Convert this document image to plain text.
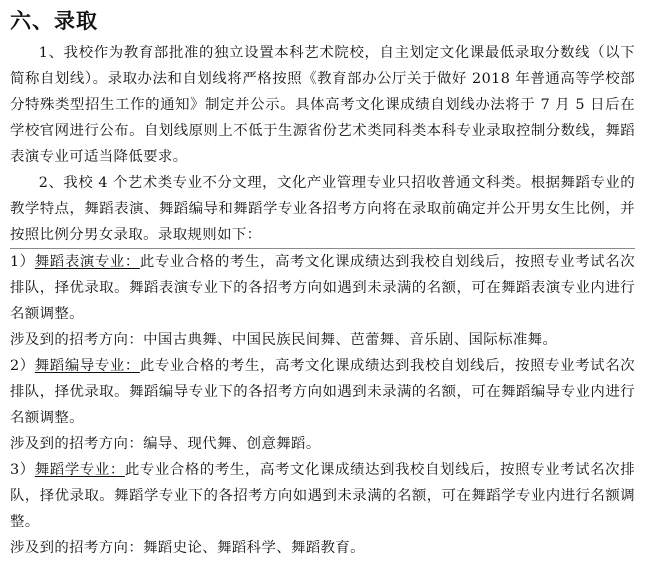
六、录取

1、我校作为教育部批准的独立设置本科艺术院校，自主划定文化课最低录取分数线（以下简称自划线）。录取办法和自划线将严格按照《教育部办公厅关于做好 2018 年普通高等学校部分特殊类型招生工作的通知》制定并公示。具体高考文化课成绩自划线办法将于 7 月 5 日后在学校官网进行公布。自划线原则上不低于生源省份艺术类同科类本科专业录取控制分数线，舞蹈表演专业可适当降低要求。

2、我校 4 个艺术类专业不分文理，文化产业管理专业只招收普通文科类。根据舞蹈专业的教学特点，舞蹈表演、舞蹈编导和舞蹈学专业各招考方向将在录取前确定并公开男女生比例，并按照比例分男女录取。录取规则如下：

1）舞蹈表演专业：此专业合格的考生，高考文化课成绩达到我校自划线后，按照专业考试名次排队，择优录取。舞蹈表演专业下的各招考方向如遇到未录满的名额，可在舞蹈表演专业内进行名额调整。

涉及到的招考方向：中国古典舞、中国民族民间舞、芭蕾舞、音乐剧、国际标准舞。

2）舞蹈编导专业：此专业合格的考生，高考文化课成绩达到我校自划线后，按照专业考试名次排队，择优录取。舞蹈编导专业下的各招考方向如遇到未录满的名额，可在舞蹈编导专业内进行名额调整。

涉及到的招考方向：编导、现代舞、创意舞蹈。

3）舞蹈学专业：此专业合格的考生，高考文化课成绩达到我校自划线后，按照专业考试名次排队，择优录取。舞蹈学专业下的各招考方向如遇到未录满的名额，可在舞蹈学专业内进行名额调整。

涉及到的招考方向：舞蹈史论、舞蹈科学、舞蹈教育。
